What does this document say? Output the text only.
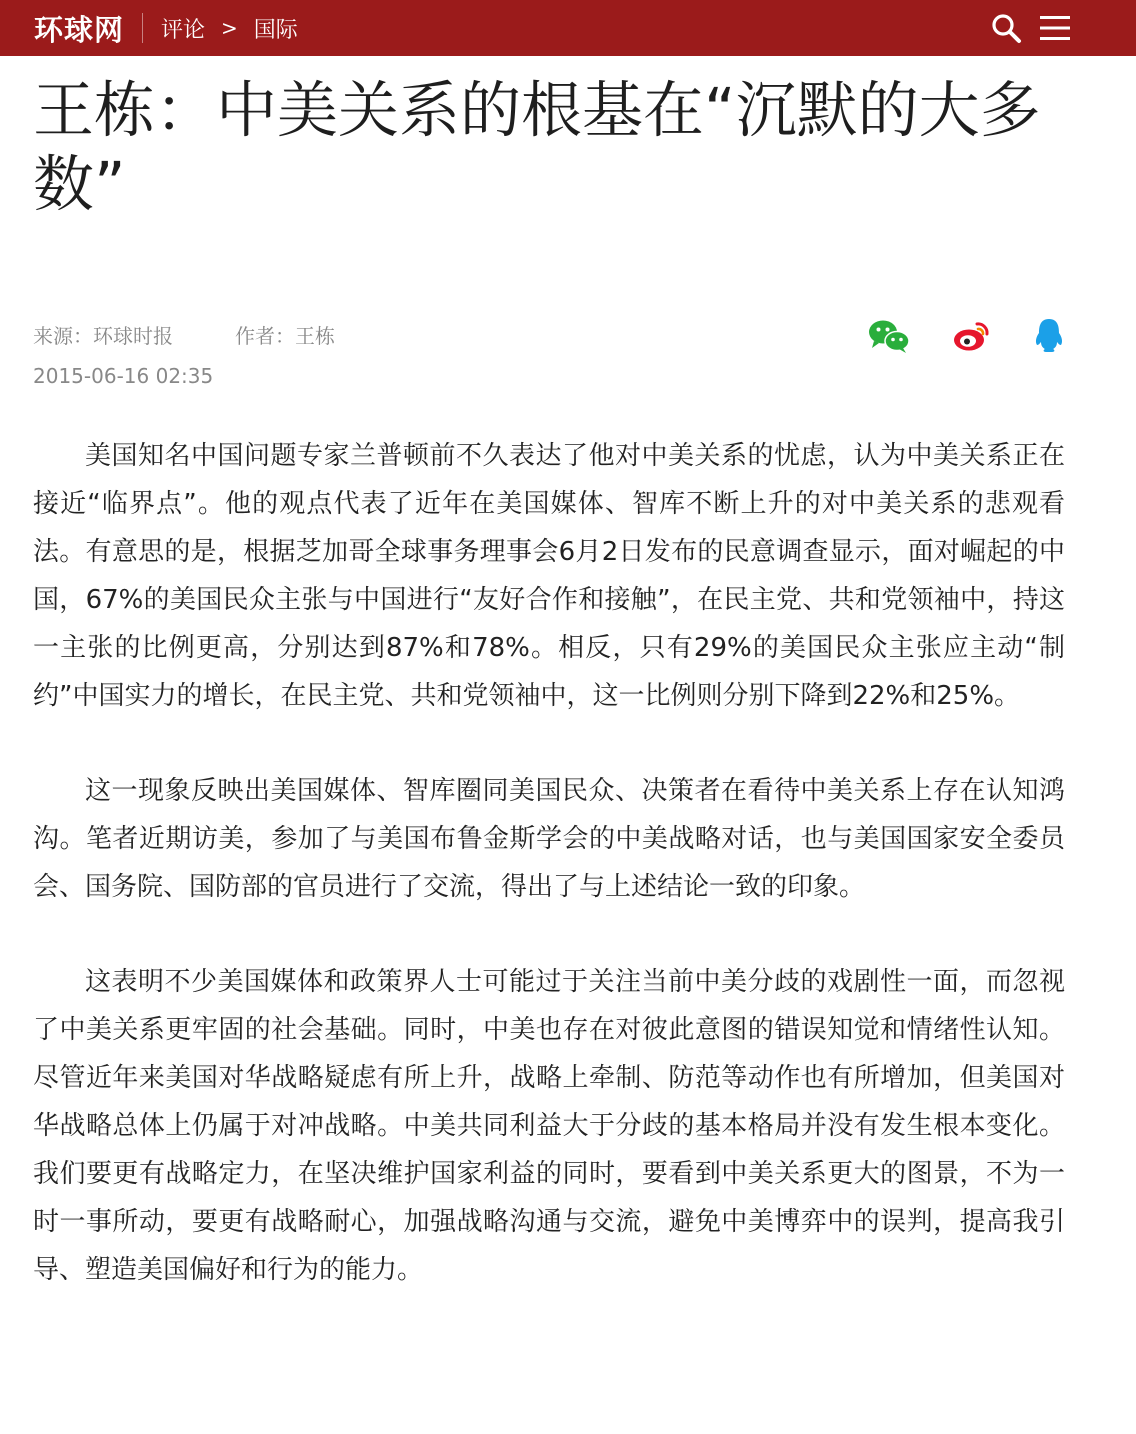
环球网 评论 > 国际
王栋：中美关系的根基在“沉默的大多数”
来源：环球时报	作者：王栋
2015-06-16 02:35

美国知名中国问题专家兰普顿前不久表达了他对中美关系的忧虑，认为中美关系正在接近“临界点”。他的观点代表了近年在美国媒体、智库不断上升的对中美关系的悲观看法。有意思的是，根据芝加哥全球事务理事会6月2日发布的民意调查显示，面对崛起的中国，67%的美国民众主张与中国进行“友好合作和接触”，在民主党、共和党领袖中，持这一主张的比例更高，分别达到87%和78%。相反，只有29%的美国民众主张应主动“制约”中国实力的增长，在民主党、共和党领袖中，这一比例则分别下降到22%和25%。

这一现象反映出美国媒体、智库圈同美国民众、决策者在看待中美关系上存在认知鸿沟。笔者近期访美，参加了与美国布鲁金斯学会的中美战略对话，也与美国国家安全委员会、国务院、国防部的官员进行了交流，得出了与上述结论一致的印象。

这表明不少美国媒体和政策界人士可能过于关注当前中美分歧的戏剧性一面，而忽视了中美关系更牢固的社会基础。同时，中美也存在对彼此意图的错误知觉和情绪性认知。尽管近年来美国对华战略疑虑有所上升，战略上牵制、防范等动作也有所增加，但美国对华战略总体上仍属于对冲战略。中美共同利益大于分歧的基本格局并没有发生根本变化。我们要更有战略定力，在坚决维护国家利益的同时，要看到中美关系更大的图景，不为一时一事所动，要更有战略耐心，加强战略沟通与交流，避免中美博弈中的误判，提高我引导、塑造美国偏好和行为的能力。
